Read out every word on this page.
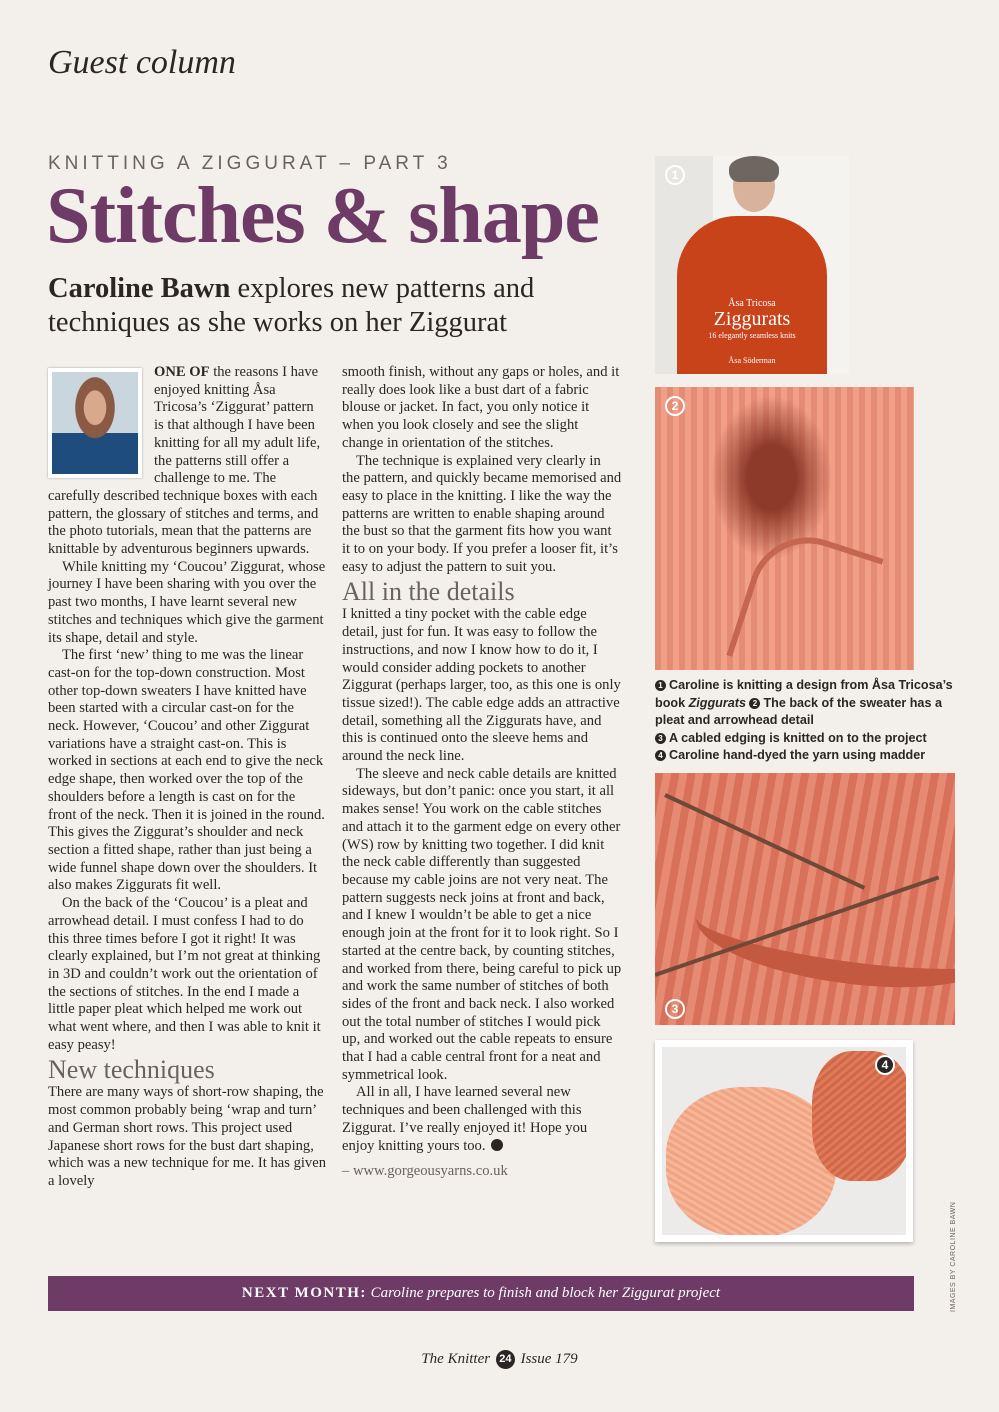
Guest column
KNITTING A ZIGGURAT – PART 3
Stitches & shape
Caroline Bawn explores new patterns and techniques as she works on her Ziggurat

ONE OF the reasons I have enjoyed knitting Åsa Tricosa’s ‘Ziggurat’ pattern is that although I have been knitting for all my adult life, the patterns still offer a challenge to me. The carefully described technique boxes with each pattern, the glossary of stitches and terms, and the photo tutorials, mean that the patterns are knittable by adventurous beginners upwards.

While knitting my ‘Coucou’ Ziggurat, whose journey I have been sharing with you over the past two months, I have learnt several new stitches and techniques which give the garment its shape, detail and style.

The first ‘new’ thing to me was the linear cast-on for the top-down construction. Most other top-down sweaters I have knitted have been started with a circular cast-on for the neck. However, ‘Coucou’ and other Ziggurat variations have a straight cast-on. This is worked in sections at each end to give the neck edge shape, then worked over the top of the shoulders before a length is cast on for the front of the neck. Then it is joined in the round. This gives the Ziggurat’s shoulder and neck section a fitted shape, rather than just being a wide funnel shape down over the shoulders. It also makes Ziggurats fit well.

On the back of the ‘Coucou’ is a pleat and arrowhead detail. I must confess I had to do this three times before I got it right! It was clearly explained, but I’m not great at thinking in 3D and couldn’t work out the orientation of the sections of stitches. In the end I made a little paper pleat which helped me work out what went where, and then I was able to knit it easy peasy!

New techniques

There are many ways of short-row shaping, the most common probably being ‘wrap and turn’ and German short rows. This project used Japanese short rows for the bust dart shaping, which was a new technique for me. It has given a lovely

smooth finish, without any gaps or holes, and it really does look like a bust dart of a fabric blouse or jacket. In fact, you only notice it when you look closely and see the slight change in orientation of the stitches.

The technique is explained very clearly in the pattern, and quickly became memorised and easy to place in the knitting. I like the way the patterns are written to enable shaping around the bust so that the garment fits how you want it to on your body. If you prefer a looser fit, it’s easy to adjust the pattern to suit you.

All in the details

I knitted a tiny pocket with the cable edge detail, just for fun. It was easy to follow the instructions, and now I know how to do it, I would consider adding pockets to another Ziggurat (perhaps larger, too, as this one is only tissue sized!). The cable edge adds an attractive detail, something all the Ziggurats have, and this is continued onto the sleeve hems and around the neck line.

The sleeve and neck cable details are knitted sideways, but don’t panic: once you start, it all makes sense! You work on the cable stitches and attach it to the garment edge on every other (WS) row by knitting two together. I did knit the neck cable differently than suggested because my cable joins are not very neat. The pattern suggests neck joins at front and back, and I knew I wouldn’t be able to get a nice enough join at the front for it to look right. So I started at the centre back, by counting stitches, and worked from there, being careful to pick up and work the same number of stitches of both sides of the front and back neck. I also worked out the total number of stitches I would pick up, and worked out the cable repeats to ensure that I had a cable central front for a neat and symmetrical look.

All in all, I have learned several new techniques and been challenged with this Ziggurat. I’ve really enjoyed it! Hope you enjoy knitting yours too.

– www.gorgeousyarns.co.uk

Åsa Tricosa
Ziggurats
16 elegantly seamless knits
Åsa Söderman
1
2
1 Caroline is knitting a design from Åsa Tricosa’s book Ziggurats 2 The back of the sweater has a pleat and arrowhead detail
3 A cabled edging is knitted on to the project
4 Caroline hand-dyed the yarn using madder
3
4
IMAGES BY CAROLINE BAWN
NEXT MONTH: Caroline prepares to finish and block her Ziggurat project
The Knitter 24 Issue 179
